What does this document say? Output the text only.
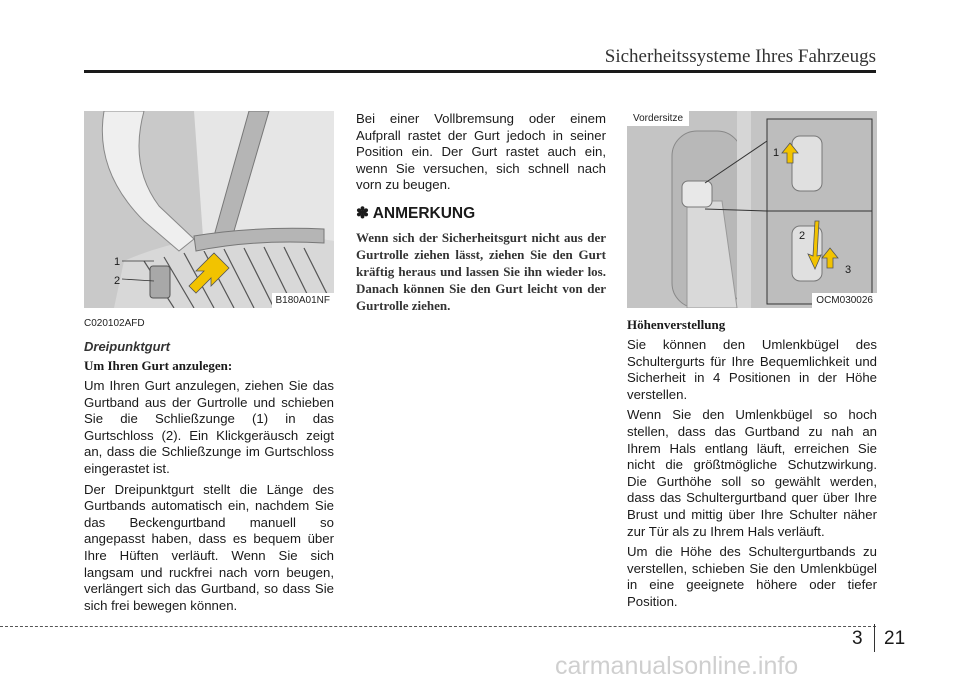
Sicherheitssysteme Ihres Fahrzeugs
1
2
B180A01NF
C020102AFD
Dreipunktgurt
Um Ihren Gurt anzulegen:

Um Ihren Gurt anzulegen, ziehen Sie das Gurtband aus der Gurtrolle und schieben Sie die Schließzunge (1) in das Gurtschloss (2). Ein Klickgeräusch zeigt an, dass die Schließzunge im Gurtschloss eingerastet ist.

Der Dreipunktgurt stellt die Länge des Gurtbands automatisch ein, nachdem Sie das Beckengurtband manuell so angepasst haben, dass es bequem über Ihre Hüften verläuft. Wenn Sie sich langsam und ruckfrei nach vorn beugen, verlängert sich das Gurtband, so dass Sie sich frei bewegen können.

Bei einer Vollbremsung oder einem Aufprall rastet der Gurt jedoch in seiner Position ein. Der Gurt rastet auch ein, wenn Sie versuchen, sich schnell nach vorn zu beugen.

✽ ANMERKUNG
Wenn sich der Sicherheitsgurt nicht aus der Gurtrolle ziehen lässt, ziehen Sie den Gurt kräftig heraus und lassen Sie ihn wieder los. Danach können Sie den Gurt leicht von der Gurtrolle ziehen.
1
2
3
Vordersitze
OCM030026
Höhenverstellung

Sie können den Umlenkbügel des Schultergurts für Ihre Bequemlichkeit und Sicherheit in 4 Positionen in der Höhe verstellen.

Wenn Sie den Umlenkbügel so hoch stellen, dass das Gurtband zu nah an Ihrem Hals entlang läuft, erreichen Sie nicht die größtmögliche Schutzwirkung. Die Gurthöhe soll so gewählt werden, dass das Schultergurtband quer über Ihre Brust und mittig über Ihre Schulter näher zur Tür als zu Ihrem Hals verläuft.

Um die Höhe des Schultergurtbands zu verstellen, schieben Sie den Umlenkbügel in eine geeignete höhere oder tiefer Position.

3 21
carmanualsonline.info
